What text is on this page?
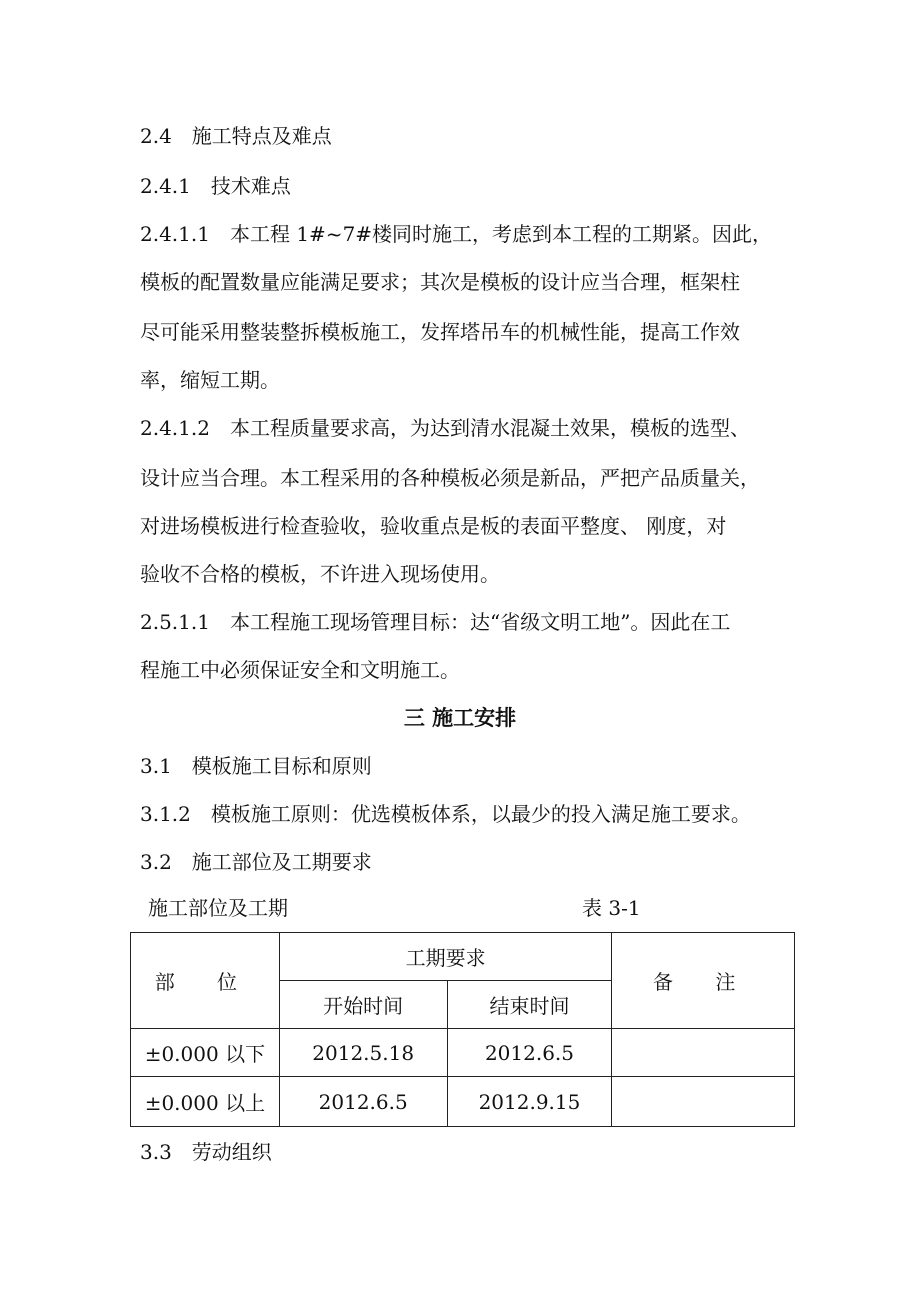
2.4　施工特点及难点
2.4.1　技术难点
2.4.1.1　本工程 1#~7#楼同时施工，考虑到本工程的工期紧。因此，
模板的配置数量应能满足要求；其次是模板的设计应当合理，框架柱
尽可能采用整装整拆模板施工，发挥塔吊车的机械性能，提高工作效
率，缩短工期。
2.4.1.2　本工程质量要求高，为达到清水混凝土效果，模板的选型、
设计应当合理。本工程采用的各种模板必须是新品，严把产品质量关，
对进场模板进行检查验收，验收重点是板的表面平整度、 刚度，对
验收不合格的模板，不许进入现场使用。
2.5.1.1　本工程施工现场管理目标：达“省级文明工地”。因此在工
程施工中必须保证安全和文明施工。
三 施工安排
3.1　模板施工目标和原则
3.1.2　模板施工原则：优选模板体系，以最少的投入满足施工要求。
3.2　施工部位及工期要求
施工部位及工期	表 3-1
部 位	工期要求		备 注
	开始时间	结束时间	
±0.000 以下	2012.5.18	2012.6.5	
±0.000 以上	2012.6.5	2012.9.15	
3.3　劳动组织
